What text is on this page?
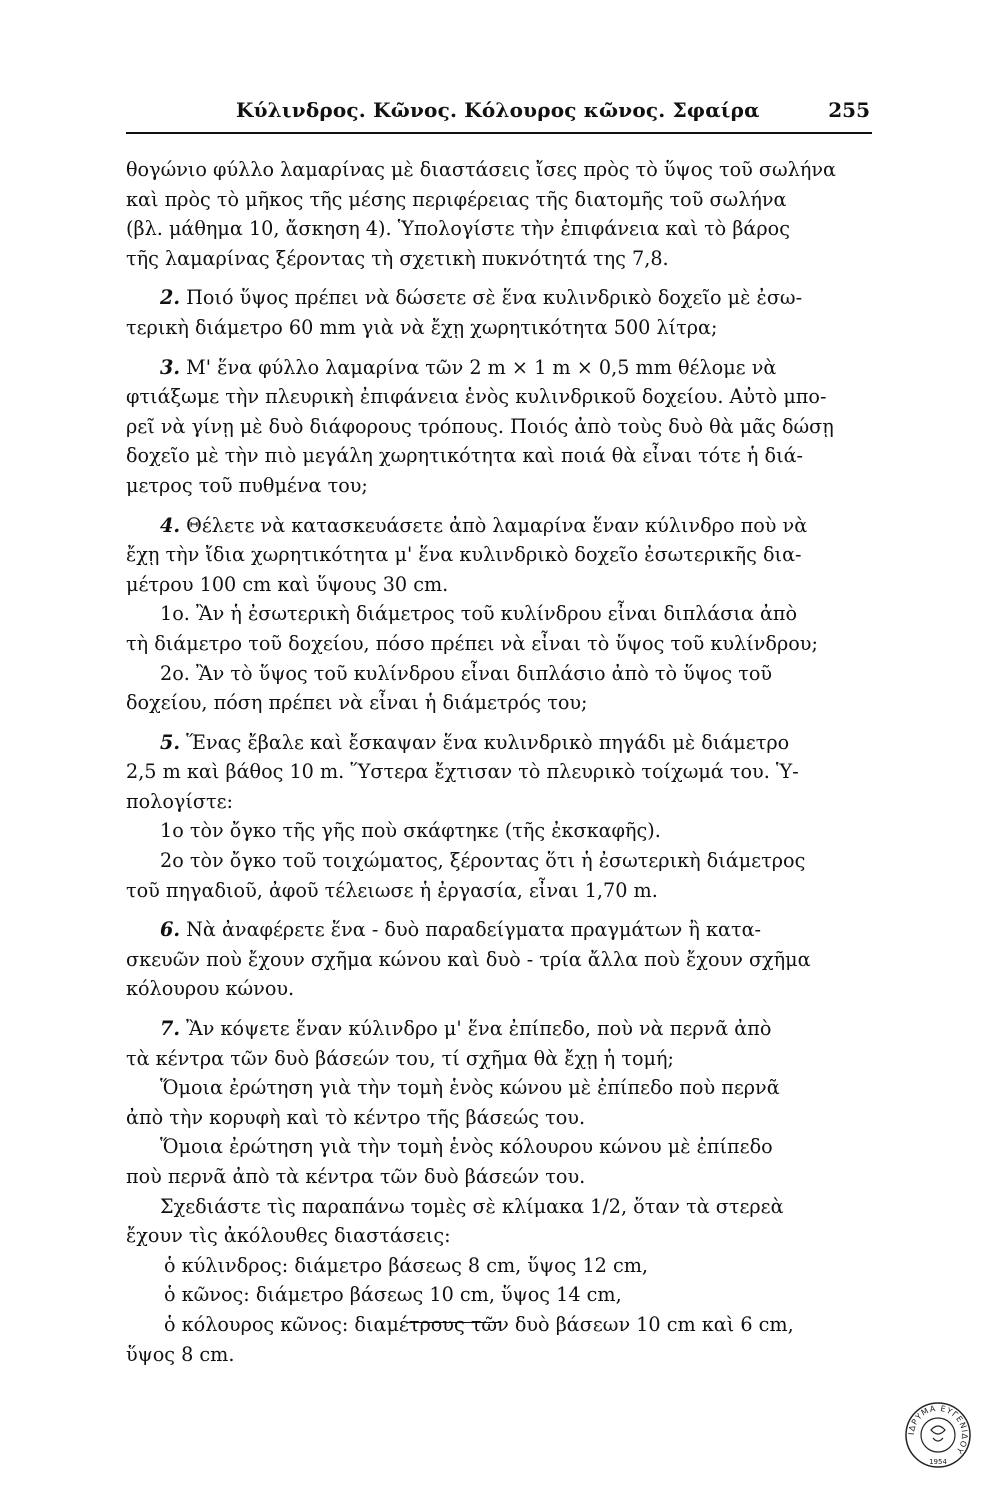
Κύλινδρος. Κῶνος. Κόλουρος κῶνος. Σφαίρα	255

θογώνιο φύλλο λαμαρίνας μὲ διαστάσεις ἴσες πρὸς τὸ ὕψος τοῦ σωλήνα

καὶ πρὸς τὸ μῆκος τῆς μέσης περιφέρειας τῆς διατομῆς τοῦ σωλήνα

(βλ. μάθημα 10, ἄσκηση 4). Ὑπολογίστε τὴν ἐπιφάνεια καὶ τὸ βάρος

τῆς λαμαρίνας ξέροντας τὴ σχετικὴ πυκνότητά της 7,8.

2. Ποιό ὕψος πρέπει νὰ δώσετε σὲ ἕνα κυλινδρικὸ δοχεῖο μὲ ἐσω-

τερικὴ διάμετρο 60 mm γιὰ νὰ ἔχῃ χωρητικότητα 500 λίτρα;

3. Μ' ἕνα φύλλο λαμαρίνα τῶν 2 m × 1 m × 0,5 mm θέλομε νὰ

φτιάξωμε τὴν πλευρικὴ ἐπιφάνεια ἑνὸς κυλινδρικοῦ δοχείου. Αὐτὸ μπο-

ρεῖ νὰ γίνῃ μὲ δυὸ διάφορους τρόπους. Ποιός ἀπὸ τοὺς δυὸ θὰ μᾶς δώσῃ

δοχεῖο μὲ τὴν πιὸ μεγάλη χωρητικότητα καὶ ποιά θὰ εἶναι τότε ἡ διά-

μετρος τοῦ πυθμένα του;

4. Θέλετε νὰ κατασκευάσετε ἀπὸ λαμαρίνα ἕναν κύλινδρο ποὺ νὰ

ἔχῃ τὴν ἴδια χωρητικότητα μ' ἕνα κυλινδρικὸ δοχεῖο ἐσωτερικῆς δια-

μέτρου 100 cm καὶ ὕψους 30 cm.

1ο. Ἂν ἡ ἐσωτερικὴ διάμετρος τοῦ κυλίνδρου εἶναι διπλάσια ἀπὸ

τὴ διάμετρο τοῦ δοχείου, πόσο πρέπει νὰ εἶναι τὸ ὕψος τοῦ κυλίνδρου;

2ο. Ἂν τὸ ὕψος τοῦ κυλίνδρου εἶναι διπλάσιο ἀπὸ τὸ ὕψος τοῦ

δοχείου, πόση πρέπει νὰ εἶναι ἡ διάμετρός του;

5. Ἕνας ἔβαλε καὶ ἔσκαψαν ἕνα κυλινδρικὸ πηγάδι μὲ διάμετρο

2,5 m καὶ βάθος 10 m. Ὕστερα ἔχτισαν τὸ πλευρικὸ τοίχωμά του. Ὑ-

πολογίστε:

1ο τὸν ὄγκο τῆς γῆς ποὺ σκάφτηκε (τῆς ἐκσκαφῆς).

2ο τὸν ὄγκο τοῦ τοιχώματος, ξέροντας ὅτι ἡ ἐσωτερικὴ διάμετρος

τοῦ πηγαδιοῦ, ἀφοῦ τέλειωσε ἡ ἐργασία, εἶναι 1,70 m.

6. Νὰ ἀναφέρετε ἕνα - δυὸ παραδείγματα πραγμάτων ἢ κατα-

σκευῶν ποὺ ἔχουν σχῆμα κώνου καὶ δυὸ - τρία ἄλλα ποὺ ἔχουν σχῆμα

κόλουρου κώνου.

7. Ἂν κόψετε ἕναν κύλινδρο μ' ἕνα ἐπίπεδο, ποὺ νὰ περνᾶ ἀπὸ

τὰ κέντρα τῶν δυὸ βάσεών του, τί σχῆμα θὰ ἔχῃ ἡ τομή;

Ὅμοια ἐρώτηση γιὰ τὴν τομὴ ἑνὸς κώνου μὲ ἐπίπεδο ποὺ περνᾶ

ἀπὸ τὴν κορυφὴ καὶ τὸ κέντρο τῆς βάσεώς του.

Ὅμοια ἐρώτηση γιὰ τὴν τομὴ ἑνὸς κόλουρου κώνου μὲ ἐπίπεδο

ποὺ περνᾶ ἀπὸ τὰ κέντρα τῶν δυὸ βάσεών του.

Σχεδιάστε τὶς παραπάνω τομὲς σὲ κλίμακα 1/2, ὅταν τὰ στερεὰ

ἔχουν τὶς ἀκόλουθες διαστάσεις:

ὁ κύλινδρος: διάμετρο βάσεως 8 cm, ὕψος 12 cm,

ὁ κῶνος: διάμετρο βάσεως 10 cm, ὕψος 14 cm,

ὁ κόλουρος κῶνος: διαμέτρους τῶν δυὸ βάσεων 10 cm καὶ 6 cm,

ὕψος 8 cm.

ΙΔΡΥΜΑ ΕΥΓΕΝΙΔΟΥ
1954
